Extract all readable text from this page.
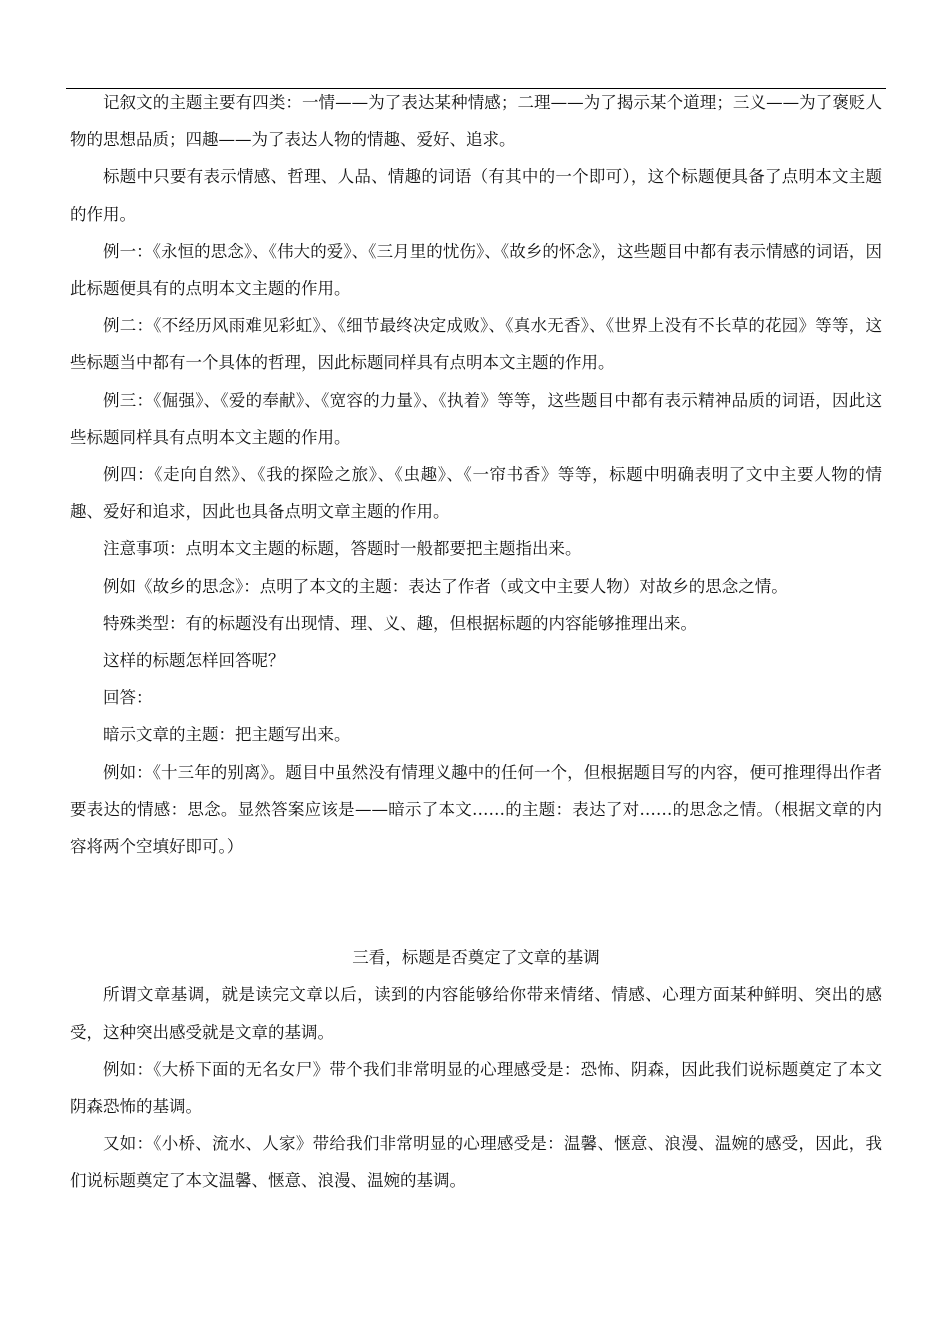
记叙文的主题主要有四类：一情——为了表达某种情感；二理——为了揭示某个道理；三义——为了褒贬人物的思想品质；四趣——为了表达人物的情趣、爱好、追求。

标题中只要有表示情感、哲理、人品、情趣的词语（有其中的一个即可），这个标题便具备了点明本文主题的作用。

例一：《永恒的思念》、《伟大的爱》、《三月里的忧伤》、《故乡的怀念》，这些题目中都有表示情感的词语，因此标题便具有的点明本文主题的作用。

例二：《不经历风雨难见彩虹》、《细节最终决定成败》、《真水无香》、《世界上没有不长草的花园》等等，这些标题当中都有一个具体的哲理，因此标题同样具有点明本文主题的作用。

例三：《倔强》、《爱的奉献》、《宽容的力量》、《执着》等等，这些题目中都有表示精神品质的词语，因此这些标题同样具有点明本文主题的作用。

例四：《走向自然》、《我的探险之旅》、《虫趣》、《一帘书香》等等，标题中明确表明了文中主要人物的情趣、爱好和追求，因此也具备点明文章主题的作用。

注意事项：点明本文主题的标题，答题时一般都要把主题指出来。

例如《故乡的思念》：点明了本文的主题：表达了作者（或文中主要人物）对故乡的思念之情。

特殊类型：有的标题没有出现情、理、义、趣，但根据标题的内容能够推理出来。

这样的标题怎样回答呢？

回答：

暗示文章的主题：把主题写出来。

例如：《十三年的别离》。题目中虽然没有情理义趣中的任何一个，但根据题目写的内容，便可推理得出作者要表达的情感：思念。显然答案应该是——暗示了本文……的主题：表达了对……的思念之情。（根据文章的内容将两个空填好即可。）

三看，标题是否奠定了文章的基调

所谓文章基调，就是读完文章以后，读到的内容能够给你带来情绪、情感、心理方面某种鲜明、突出的感受，这种突出感受就是文章的基调。

例如：《大桥下面的无名女尸》带个我们非常明显的心理感受是：恐怖、阴森，因此我们说标题奠定了本文阴森恐怖的基调。

又如：《小桥、流水、人家》带给我们非常明显的心理感受是：温馨、惬意、浪漫、温婉的感受，因此，我们说标题奠定了本文温馨、惬意、浪漫、温婉的基调。
